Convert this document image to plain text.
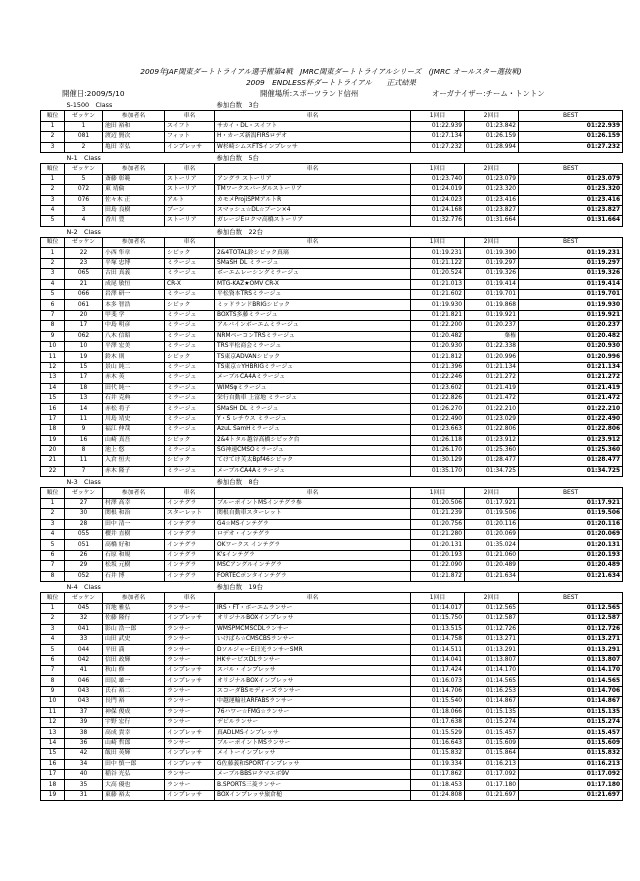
2009年JAF関東ダートトライアル選手権第4戦　JMRC関東ダートトライアルシリーズ　(JMRC オールスター選抜戦)
2009　ENDLESS杯ダートトライアル　　正式結果
開催日:2009/5/10	開催場所:スポーツランド信州	オーガナイザー:チーム・トントン
S-1500　Class				参加台数　3台			
順位	ゼッケン	参加者名	車名	車名	1回目	2回目	BEST
1	1	池田 裕和	スイフト	サカイ・DL・スイフト	01:22.939	01:23.842	01:22.939
2	081	渡辺 賢次	フィット	H・カーズ新潟FIRSロデオ	01:27.134	01:26.159	01:26.159
3	2	亀田 幸弘	インプレッサ	W杉崎シムスFTSインプレッサ	01:27.232	01:28.994	01:27.232
N-1　Class				参加台数　5台			
順位	ゼッケン	参加者名	車名	車名	1回目	2回目	BEST
1	5	斎藤 彰範	ストーリア	アングラ ストーリア	01:23.740	01:23.079	01:23.079
2	072	東 靖倫	ストーリア	TMワークスバーダルストーリア	01:24.019	01:23.320	01:23.320
3	076	佐々木 正	アルト	カモメProjiSPMアルトR	01:24.023	01:23.416	01:23.416
4	3	田島 良樹	ブーン	スマッシュ☆DL☆ブーン×4	01:24.168	01:23.827	01:23.827
5	4	香川 豊	ストーリア	ガレージEロクマ高橋ストーリア	01:32.776	01:31.664	01:31.664
N-2　Class				参加台数　22台			
順位	ゼッケン	参加者名	車名	車名	1回目	2回目	BEST
1	22	小西 隼章	シビック	2&4TOTAL鈴シビック真璃	01:19.231	01:19.390	01:19.231
2	23	平塚 忠博	ミラージュ	SMaSH DL ミラージュ	01:21.122	01:19.297	01:19.297
3	065	古田 真義	ミラージュ	ボーエムレーシングミラージュ	01:20.524	01:19.326	01:19.326
4	21	成尾 敏恒	CR-X	MTG-KAZ★OMV CR-X	01:21.013	01:19.414	01:19.414
5	066	岩澤 研一	ミラージュ	平松資本TRSミラージュ	01:21.602	01:19.701	01:19.701
6	061	本多 智浩	シビック	ミッドランドBRIGシビック	01:19.930	01:19.868	01:19.930
7	20	甲斐 学	ミラージュ	BOXTS多藤ミラージュ	01:21.821	01:19.921	01:19.921
8	17	中島 明彦	ミラージュ	アルバインボーエムミラージュ	01:22.200	01:20.237	01:20.237
9	062	八木 信昭	ミラージュ	NRMベーコンTRSミラージュ	01:20.482	棄権	01:20.482
10	10	平澤 宏美	ミラージュ	TRS平松商会ミラージュ	01:20.930	01:22.338	01:20.930
11	19	鈴木 則	シビック	TS東京ADVANシビック	01:21.812	01:20.996	01:20.996
12	15	景山 純二	ミラージュ	TS東京☆YHBRIGミラージュ	01:21.396	01:21.134	01:21.134
13	17	赤木 英	ミラージュ	メーブルCA4Aミラージュ	01:22.246	01:21.272	01:21.272
14	18	田代 純一	ミラージュ	WIMSφミラージュ	01:23.602	01:21.419	01:21.419
15	13	石井 克典	ミラージュ	栄行自動車 上富地 ミラージュ	01:22.826	01:21.472	01:21.472
16	14	赤松 将子	ミラージュ	SMaSH DL ミラージュ	01:26.270	01:22.210	01:22.210
17	11	川島 靖史	ミラージュ	Y・S レチウス ミラージュ	01:22.490	01:23.029	01:22.490
18	9	福江 伸哉	ミラージュ	AzuL SamHミラージュ	01:23.663	01:22.806	01:22.806
19	16	山崎 真吾	シビック	2&4トタル越谷高橋シビック台	01:26.118	01:23.912	01:23.912
20	8	池上 悠	ミラージュ	SG神速CMSOミラージュ	01:26.170	01:25.360	01:25.360
21	11	入倉 恒夫	シビック	てけてけ芙太Bpf46シビック	01:30.129	01:28.477	01:28.477
22	7	赤木 隆子	ミラージュ	メーブルCA4Aミラージュ	01:35.170	01:34.725	01:34.725
N-3　Class				参加台数　8台			
順位	ゼッケン	参加者名	車名	車名	1回目	2回目	BEST
1	27	村澤 高幸	インテグラ	ブルーポイントMSインテグラ参	01:20.506	01:17.921	01:17.921
2	30	関根 和治	スターレット	関根自動車スターレット	01:21.239	01:19.506	01:19.506
3	28	田中 清一	インテグラ	G4☆MSインテグラ	01:20.756	01:20.116	01:20.116
4	055	櫻井 直樹	インテグラ	ロデオ・インテグラ	01:21.280	01:20.069	01:20.069
5	051	高橋 好和	インテグラ	OKワークス インテグラ	01:20.131	01:35.024	01:20.131
6	26	石原 和規	インテグラ	K'sインテグラ	01:20.193	01:21.060	01:20.193
7	29	松坂 元樹	インテグラ	MSCアングルインテグラ	01:22.090	01:20.489	01:20.489
8	052	石井 博	インテグラ	FORTECポンタインテグラ	01:21.872	01:21.634	01:21.634
N-4　Class				参加台数　19台			
順位	ゼッケン	参加者名	車名	車名	1回目	2回目	BEST
1	045	宮地 雅弘	ランサー	IRS・FT・ボーエムランサー	01:14.017	01:12.565	01:12.565
2	32	佐藤 隆行	インプレッサ	オリジナルBOXインプレッサ	01:15.750	01:12.587	01:12.587
3	041	影山 浩一郎	ランサー	WMSPMCMSCDLランサー	01:13.515	01:12.726	01:12.726
4	33	山田 武史	ランサー	いけばら☆CMSCBSランサー	01:14.758	01:13.271	01:13.271
5	044	平田 満	ランサー	DソルジャーE日光ランサーSMR	01:14.511	01:13.291	01:13.291
6	042	信田 政輝	ランサー	HKサービスDLランサー	01:14.041	01:13.807	01:13.807
7	41	秋山 修	インプレッサ	スバル・インプレッサ	01:17.424	01:14.170	01:14.170
8	046	田民 雄一	インプレッサ	オリジナルBOXインプレッサ	01:16.073	01:14.565	01:14.565
9	043	氏石 裕二	ランサー	スコーダBSモディーズランサー	01:14.706	01:16.253	01:14.706
10	043	長門 裕	ランサー	中越運輸社ARFABSランサー	01:15.540	01:14.867	01:14.867
11	37	神保 俊成	ランサー	76ハワー☆FMG☆ランサー	01:18.066	01:15.135	01:15.135
12	39	宇野 宏行	ランサー	デビルランサー	01:17.638	01:15.274	01:15.274
13	38	高成 貴幸	インプレッサ	真ADLMSインプレッサ	01:15.529	01:15.457	01:15.457
14	36	山崎 哲郎	ランサー	ブルーポイントMSランサー	01:16.643	01:15.609	01:15.609
15	42	飯田 英輝	インプレッサ	メイトーインプレッサ	01:15.832	01:15.864	01:15.832
16	34	田中 慎一郎	インプレッサ	G佐藤義和SPORTインプレッサ	01:19.334	01:16.213	01:16.213
17	40	稲谷 光弘	ランサー	メーブルBBSロクマエボ9V	01:17.862	01:17.092	01:17.092
18	35	大高 優也	ランサー	B.SPORTS三菱ランサー	01:18.453	01:17.180	01:17.180
19	31	東藤 裕太	インプレッサ	BOXインプレッサ旅倉槌	01:24.808	01:21.697	01:21.697
